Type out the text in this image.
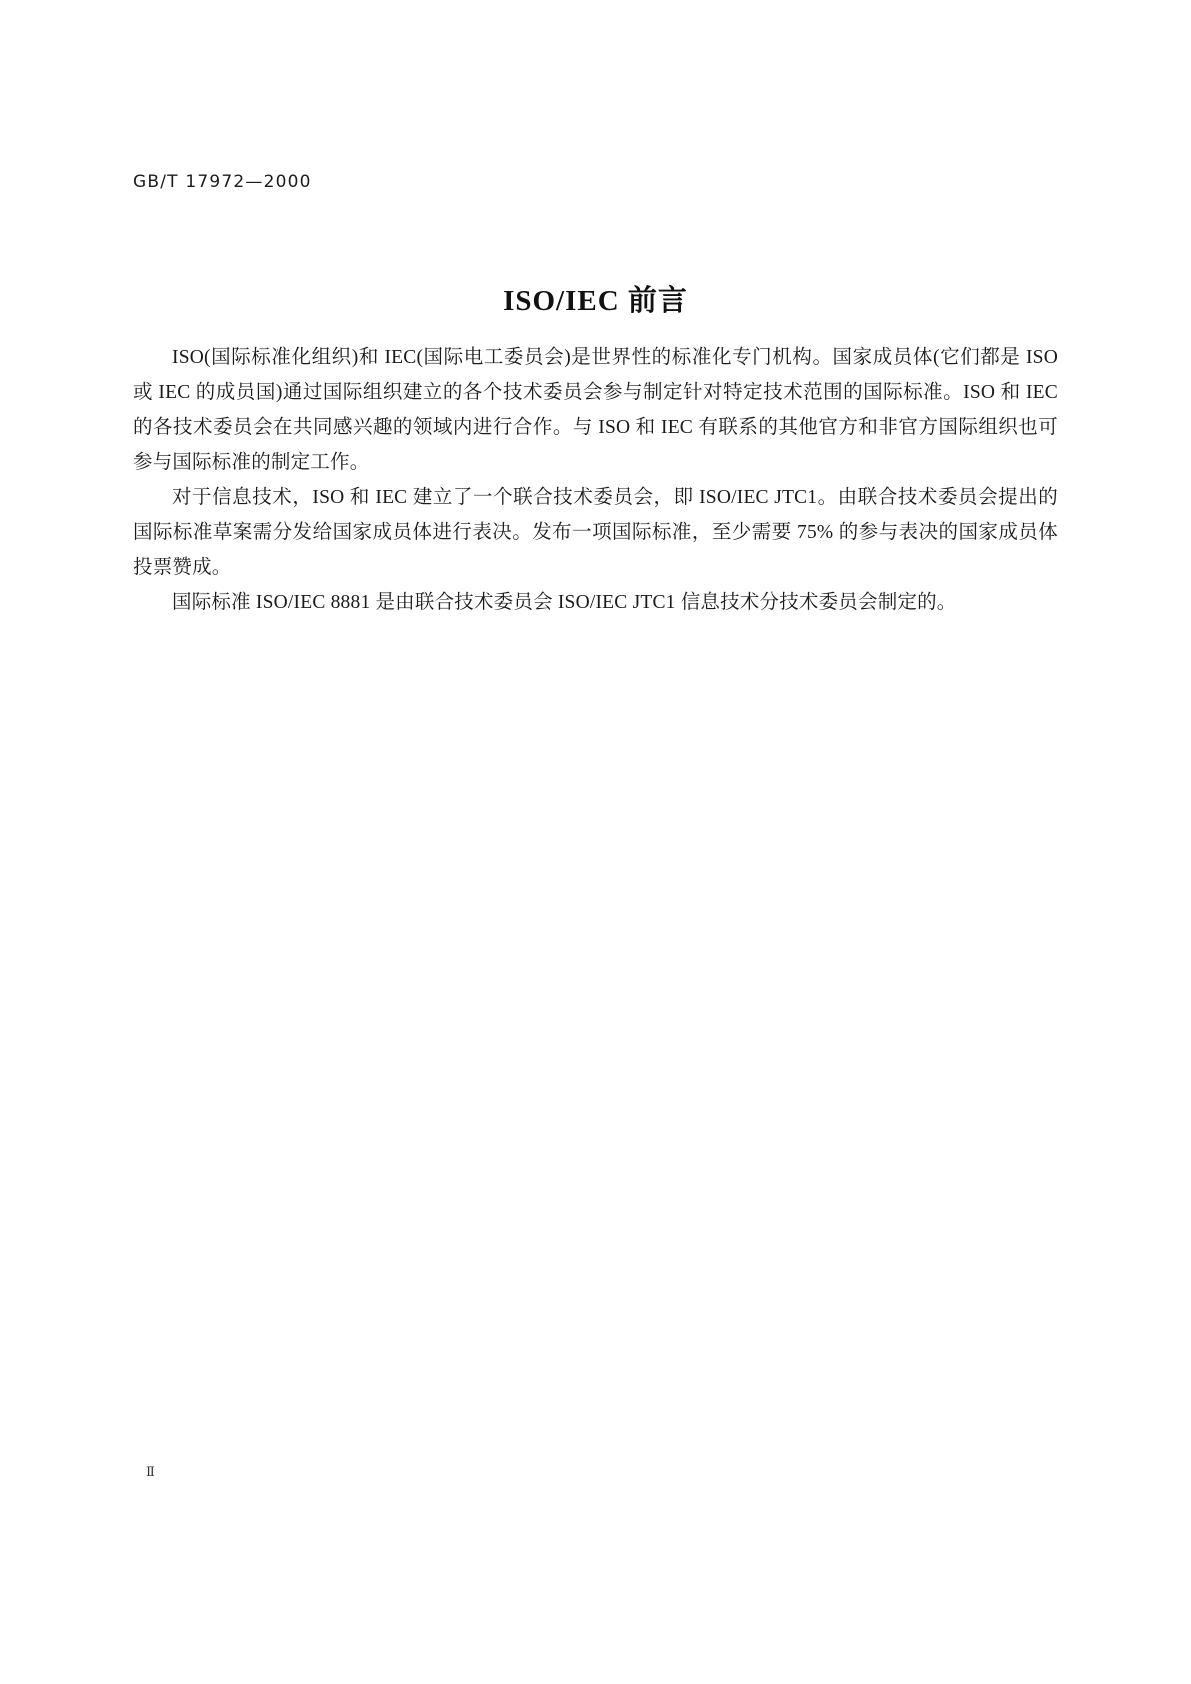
GB/T 17972—2000
ISO/IEC 前言

ISO(国际标准化组织)和 IEC(国际电工委员会)是世界性的标准化专门机构。国家成员体(它们都是 ISO 或 IEC 的成员国)通过国际组织建立的各个技术委员会参与制定针对特定技术范围的国际标准。ISO 和 IEC 的各技术委员会在共同感兴趣的领域内进行合作。与 ISO 和 IEC 有联系的其他官方和非官方国际组织也可参与国际标准的制定工作。

对于信息技术，ISO 和 IEC 建立了一个联合技术委员会，即 ISO/IEC JTC1。由联合技术委员会提出的国际标准草案需分发给国家成员体进行表决。发布一项国际标准，至少需要 75% 的参与表决的国家成员体投票赞成。

国际标准 ISO/IEC 8881 是由联合技术委员会 ISO/IEC JTC1 信息技术分技术委员会制定的。

Ⅱ
